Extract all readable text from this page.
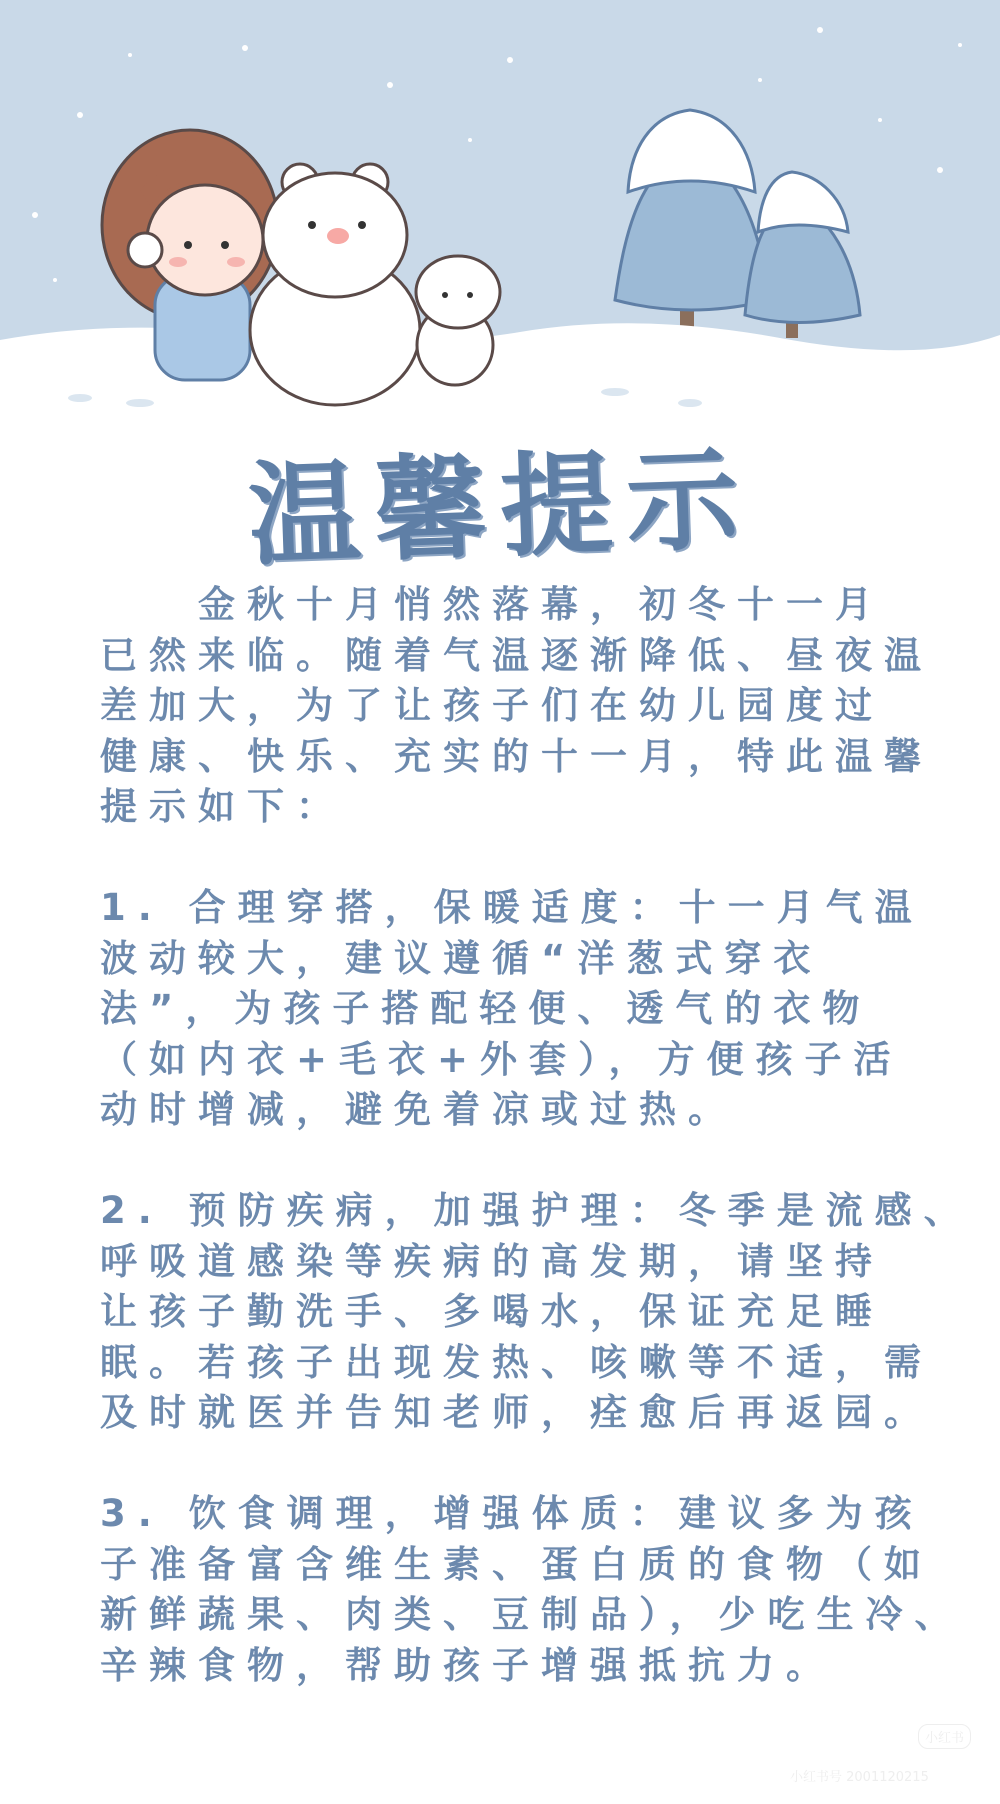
温馨提示
　　金秋十月悄然落幕，初冬十一月
已然来临。随着气温逐渐降低、昼夜温
差加大，为了让孩子们在幼儿园度过
健康、快乐、充实的十一月，特此温馨
提示如下：
1. 合理穿搭，保暖适度：十一月气温
波动较大，建议遵循“洋葱式穿衣
法”，为孩子搭配轻便、透气的衣物
（如内衣+毛衣+外套），方便孩子活
动时增减，避免着凉或过热。
2. 预防疾病，加强护理：冬季是流感、
呼吸道感染等疾病的高发期，请坚持
让孩子勤洗手、多喝水，保证充足睡
眠。若孩子出现发热、咳嗽等不适，需
及时就医并告知老师，痊愈后再返园。
3. 饮食调理，增强体质：建议多为孩
子准备富含维生素、蛋白质的食物（如
新鲜蔬果、肉类、豆制品），少吃生冷、
辛辣食物，帮助孩子增强抵抗力。
小红书
小红书号 2001120215
